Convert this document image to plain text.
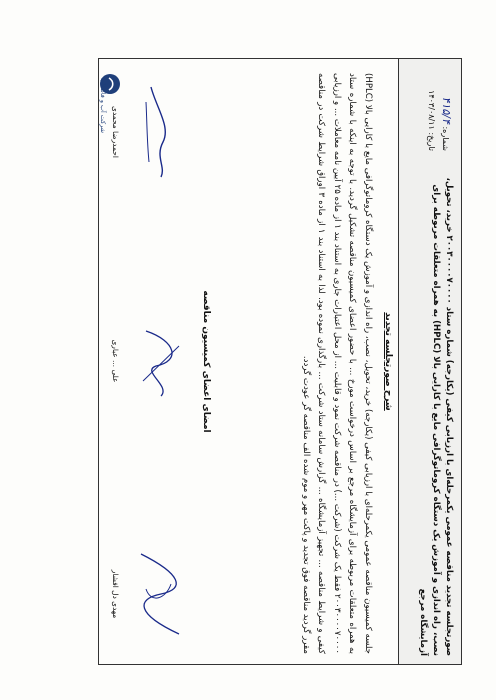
صورتجلسه تجدید مناقصه عمومی یکمرحله‌ای با ارزیابی کیفی (یکارجه) شماره ستاد ۲۰۰۳۰۰۰۰۷۰۰۰۰ خرید، تحویل، نصب، راه اندازی و آموزش یک دستگاه کروماتوگرافی مایع با کارایی بالا (HPLC) به همراه متعلقات مربوطه برای آزمایشگاه مرجع
شماره: ۴۱۵/۴
تاریخ: ۱۴۰۳/۰۸/۱۱
شرح صورتجلسه تجدید
جلسه کمیسیون مناقصه عمومی یکمرحله‌ای با ارزیابی کیفی (یکارجه) خرید، تحویل، نصب، راه اندازی و آموزش یک دستگاه کروماتوگرافی مایع با کارایی بالا (HPLC) به همراه متعلقات مربوطه برای آزمایشگاه مرجع بر اساس درخواست مورخ ... با حضور اعضای کمیسیون مناقصه تشکیل گردید. با توجه به اینکه با شماره ستاد ۲۰۰۳۰۰۰۰۷۰۰۰۰ فقط یک شرکت (شرکت ...) در مناقصه شرکت نمود و قابلیت ... از محل اعتبارات جاری به استناد بند ۱ از ماده ۲۵ آیین نامه معاملات ... و ارزیابی کیفی و شرایط مناقصه ... تجهیز آزمایشگاه ... گزارش سامانه ستاد شرکت ... بارگذاری نموده بود. لذا به استناد بند ۱ از ماده ۳ اوراق شرایط شرکت در مناقصه مقرر گردید مناقصه فوق تجدید و پاکت مهر و موم شده الف مناقصه گر عودت گردد.
امضای اعضای کمیسیون مناقصه
مهدی دل افشار
علی ... عباری
احمدرضا محمدی
شرکت آب و فاضلاب
